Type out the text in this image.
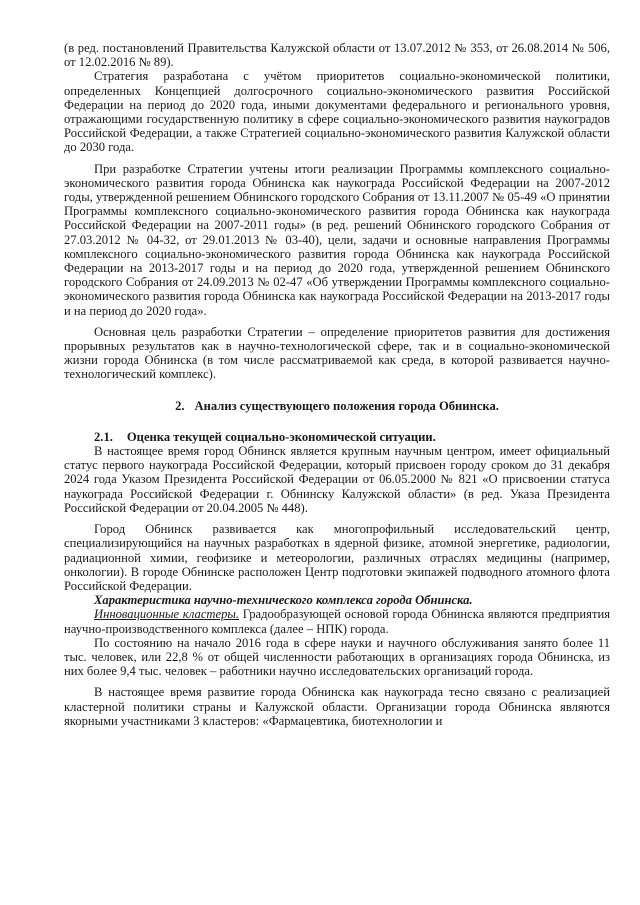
(в ред. постановлений Правительства Калужской области от 13.07.2012 № 353, от 26.08.2014 № 506, от 12.02.2016 № 89).

Стратегия разработана с учётом приоритетов социально-экономической политики, определенных Концепцией долгосрочного социально-экономического развития Российской Федерации на период до 2020 года, иными документами федерального и регионального уровня, отражающими государственную политику в сфере социально-экономического развития наукоградов Российской Федерации, а также Стратегией социально-экономического развития Калужской области до 2030 года.

При разработке Стратегии учтены итоги реализации Программы комплексного социально-экономического развития города Обнинска как наукограда Российской Федерации на 2007-2012 годы, утвержденной решением Обнинского городского Собрания от 13.11.2007 № 05-49 «О принятии Программы комплексного социально-экономического развития города Обнинска как наукограда Российской Федерации на 2007-2011 годы» (в ред. решений Обнинского городского Собрания от 27.03.2012 № 04-32, от 29.01.2013 № 03-40), цели, задачи и основные направления Программы комплексного социально-экономического развития города Обнинска как наукограда Российской Федерации на 2013-2017 годы и на период до 2020 года, утвержденной решением Обнинского городского Собрания от 24.09.2013 № 02-47 «Об утверждении Программы комплексного социально-экономического развития города Обнинска как наукограда Российской Федерации на 2013-2017 годы и на период до 2020 года».

Основная цель разработки Стратегии – определение приоритетов развития для достижения прорывных результатов как в научно-технологической сфере, так и в социально-экономической жизни города Обнинска (в том числе рассматриваемой как среда, в которой развивается научно-технологический комплекс).

2. Анализ существующего положения города Обнинска.
2.1. Оценка текущей социально-экономической ситуации.

В настоящее время город Обнинск является крупным научным центром, имеет официальный статус первого наукограда Российской Федерации, который присвоен городу сроком до 31 декабря 2024 года Указом Президента Российской Федерации от 06.05.2000 № 821 «О присвоении статуса наукограда Российской Федерации г. Обнинску Калужской области» (в ред. Указа Президента Российской Федерации от 20.04.2005 № 448).

Город Обнинск развивается как многопрофильный исследовательский центр, специализирующийся на научных разработках в ядерной физике, атомной энергетике, радиологии, радиационной химии, геофизике и метеорологии, различных отраслях медицины (например, онкологии). В городе Обнинске расположен Центр подготовки экипажей подводного атомного флота Российской Федерации.

Характеристика научно-технического комплекса города Обнинска.

Инновационные кластеры. Градообразующей основой города Обнинска являются предприятия научно-производственного комплекса (далее – НПК) города.

По состоянию на начало 2016 года в сфере науки и научного обслуживания занято более 11 тыс. человек, или 22,8 % от общей численности работающих в организациях города Обнинска, из них более 9,4 тыс. человек – работники научно исследовательских организаций города.

В настоящее время развитие города Обнинска как наукограда тесно связано с реализацией кластерной политики страны и Калужской области. Организации города Обнинска являются якорными участниками 3 кластеров: «Фармацевтика, биотехнологии и
